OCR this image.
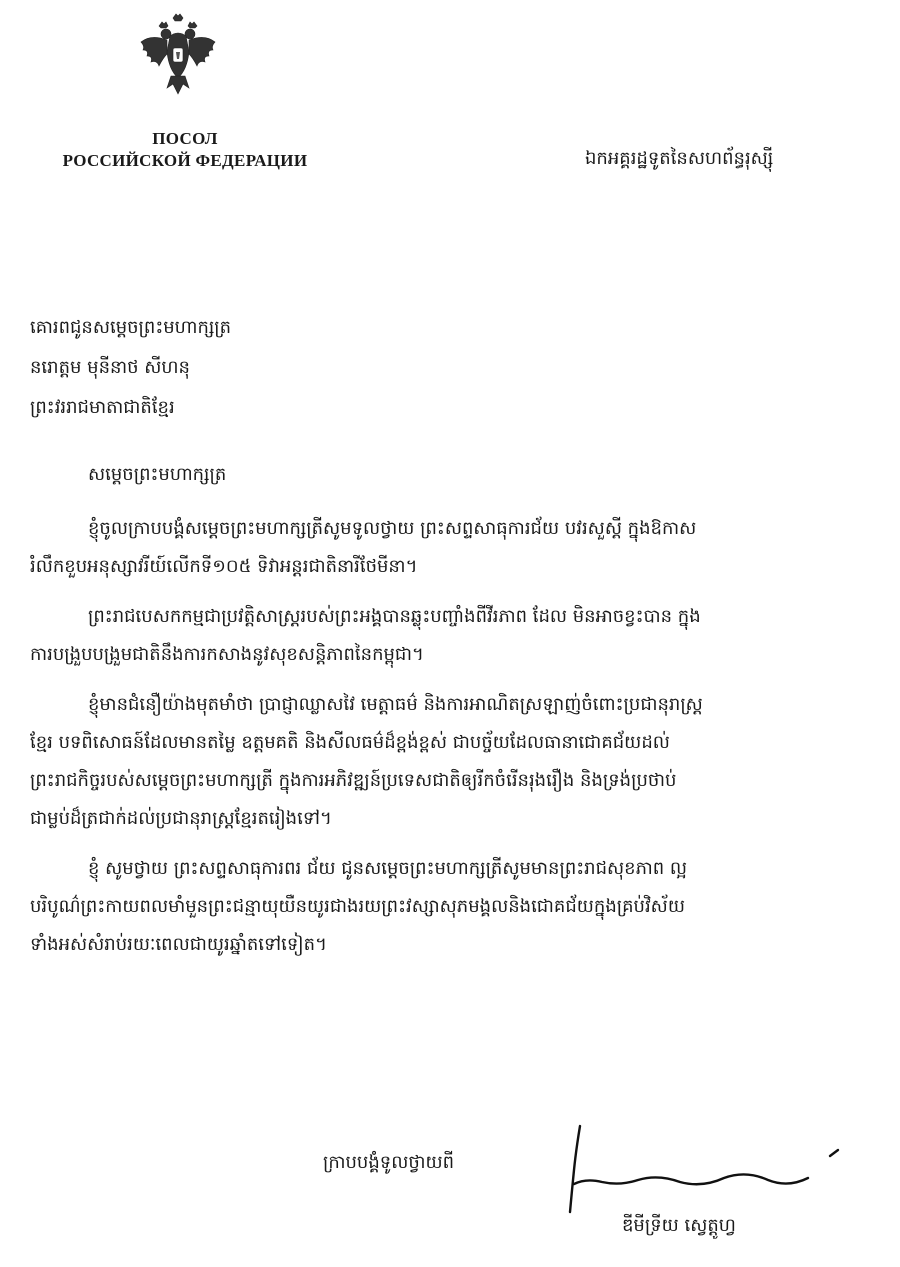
ПОСОЛ
РОССИЙСКОЙ ФЕДЕРАЦИИ	ឯកអគ្គរដ្ឋទូតនៃសហព័ន្ធរុស្ស៊ី
គោរពជូនសម្តេចព្រះមហាក្សត្រ
នរោត្តម មុនីនាថ សីហនុ
ព្រះវររាជមាតាជាតិខ្មែរ
សម្តេចព្រះមហាក្សត្រ
ខ្ញុំចូលក្រាបបង្គំសម្តេចព្រះមហាក្សត្រីសូមទូលថ្វាយ ព្រះសព្ទសាធុការជ័យ បវរសួស្តី ក្នុងឱកាស
រំលឹកខួបអនុស្សាវរីយ៍លើកទី១០៥ ទិវាអន្តរជាតិនារីថែមីនា។
ព្រះរាជបេសកកម្មជាប្រវត្តិសាស្ត្ររបស់ព្រះអង្គបានឆ្លុះបញ្ចាំងពីវីរភាព ដែល មិនអាចខ្វះបាន ក្នុង
ការបង្រួបបង្រួមជាតិនឹងការកសាងនូវសុខសន្តិភាពនៃកម្ពុជា។
ខ្ញុំមានជំនឿយ៉ាងមុតមាំថា ប្រាជ្ញាឈ្លាសវៃ មេត្តាធម៌ និងការអាណិតស្រឡាញ់ចំពោះប្រជានុរាស្ត្រ
ខ្មែរ បទពិសោធន៍ដែលមានតម្លៃ ឧត្តមគតិ និងសីលធម៌ដ៏ខ្ពង់ខ្ពស់ ជាបច្ច័យដែលធានាជោគជ័យដល់
ព្រះរាជកិច្ចរបស់សម្តេចព្រះមហាក្សត្រី ក្នុងការអភិវឌ្ឍន៍ប្រទេសជាតិឲ្យរីកចំរើនរុងរឿង និងទ្រង់ប្រថាប់
ជាម្លប់ដ៏ត្រជាក់ដល់ប្រជានុរាស្ត្រខ្មែរតរៀងទៅ។
ខ្ញុំ សូមថ្វាយ ព្រះសព្ទសាធុការពរ ជ័យ ជូនសម្តេចព្រះមហាក្សត្រីសូមមានព្រះរាជសុខភាព ល្អ
បរិបូណ៌ព្រះកាយពលមាំមួនព្រះជន្មាយុយឺនយូរជាងរយព្រះវស្សាសុភមង្គលនិងជោគជ័យក្នុងគ្រប់វិស័យ
ទាំងអស់សំរាប់រយៈពេលជាយូរឆ្នាំតទៅទៀត។
ក្រាបបង្គំទូលថ្វាយពី
ឌីមីទ្រីយ ស្វេត្តូហ្វ
